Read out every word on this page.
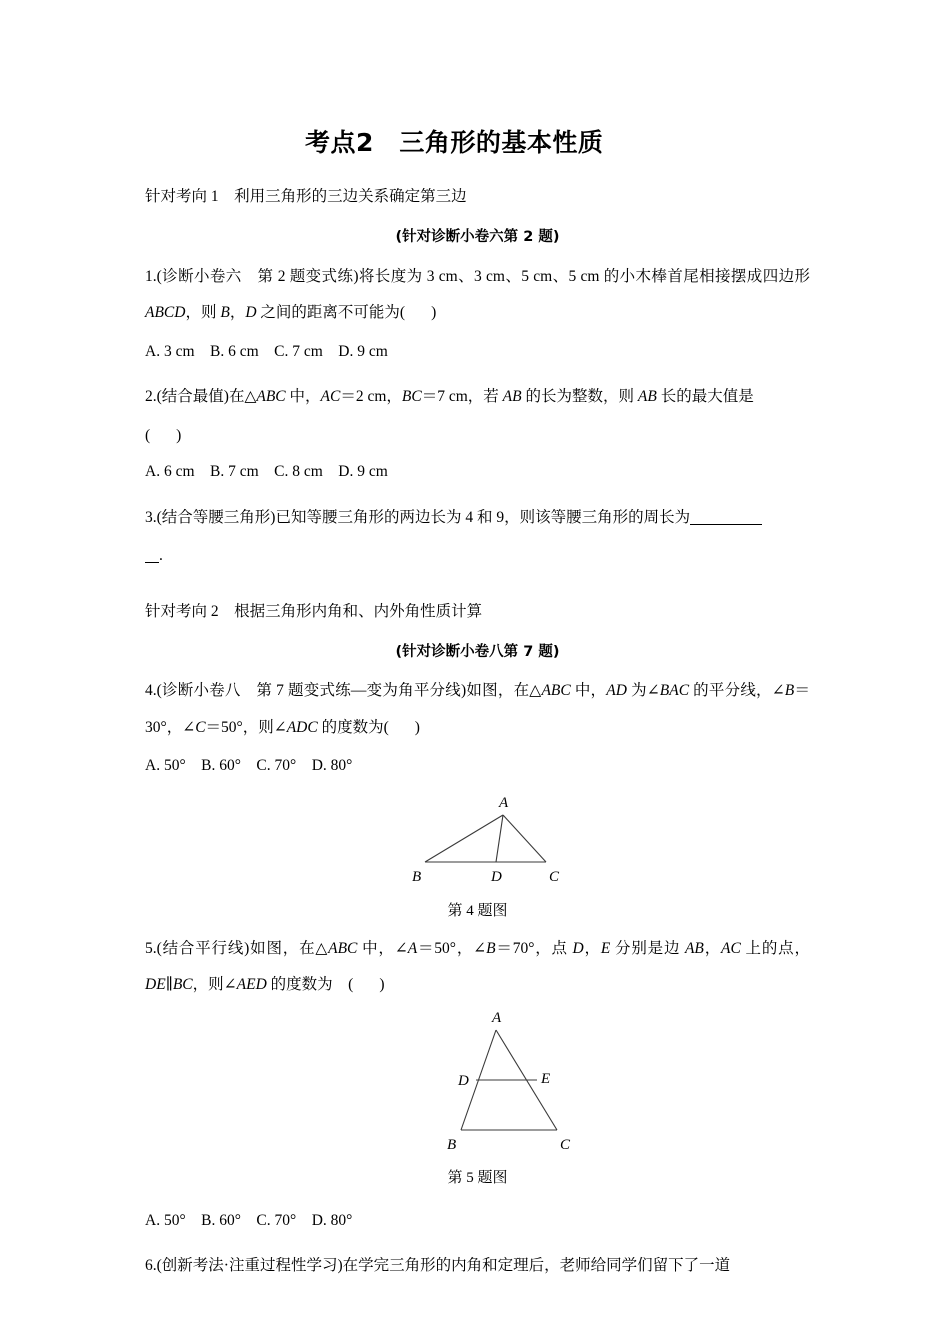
考点2　三角形的基本性质
针对考向 1　利用三角形的三边关系确定第三边
(针对诊断小卷六第 2 题)
1.(诊断小卷六　第 2 题变式练)将长度为 3 cm、3 cm、5 cm、5 cm 的小木棒首尾相接摆成四边形 ABCD，则 B，D 之间的距离不可能为( )
A. 3 cm　B. 6 cm　C. 7 cm　D. 9 cm
2.(结合最值)在△ABC 中，AC＝2 cm，BC＝7 cm，若 AB 的长为整数，则 AB 长的最大值是
( )
A. 6 cm　B. 7 cm　C. 8 cm　D. 9 cm
3.(结合等腰三角形)已知等腰三角形的两边长为 4 和 9，则该等腰三角形的周长为
.
针对考向 2　根据三角形内角和、内外角性质计算
(针对诊断小卷八第 7 题)
4.(诊断小卷八　第 7 题变式练—变为角平分线)如图，在△ABC 中，AD 为∠BAC 的平分线，∠B＝30°，∠C＝50°，则∠ADC 的度数为( )
A. 50°　B. 60°　C. 70°　D. 80°
A
B	D	C
第 4 题图
5.(结合平行线)如图，在△ABC 中，∠A＝50°，∠B＝70°，点 D，E 分别是边 AB，AC 上的点，DE∥BC，则∠AED 的度数为　( )
A
D	E
B	C
第 5 题图
A. 50°　B. 60°　C. 70°　D. 80°
6.(创新考法·注重过程性学习)在学完三角形的内角和定理后，老师给同学们留下了一道
